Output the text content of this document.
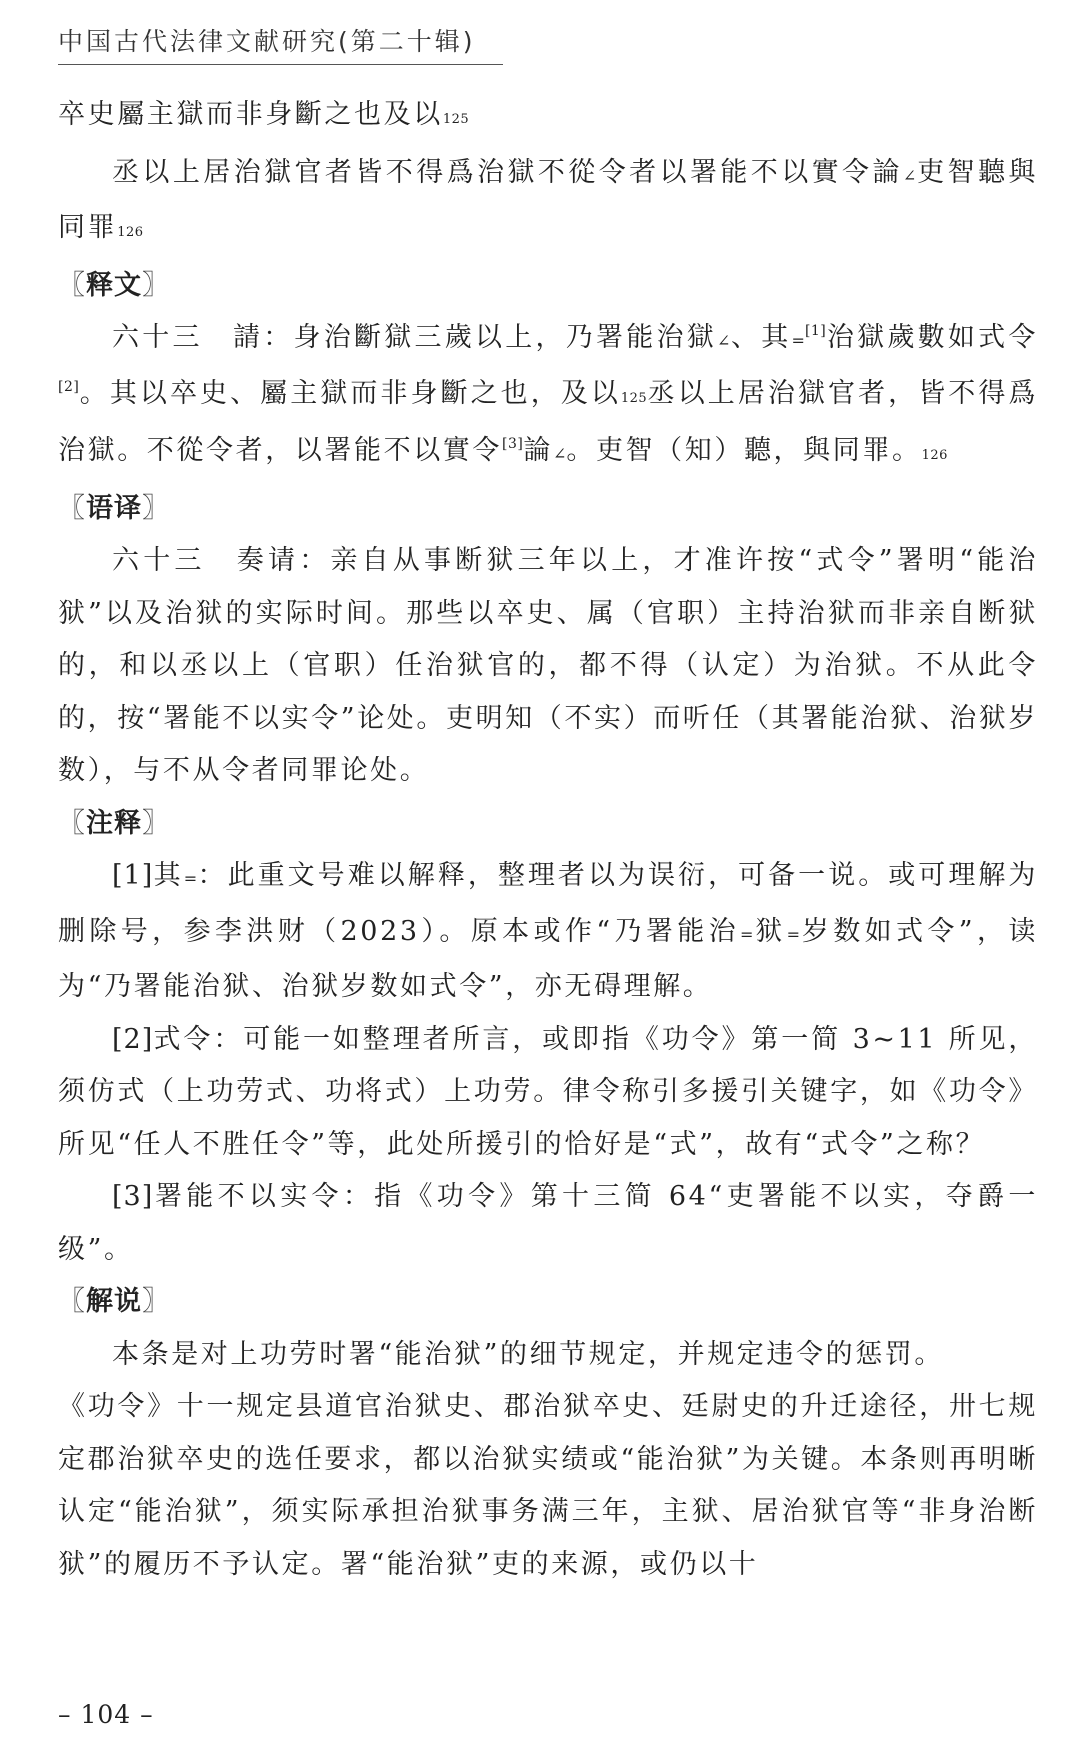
中国古代法律文献研究(第二十辑)

卒史屬主獄而非身斷之也及以125

丞以上居治獄官者皆不得爲治獄不從令者以署能不以實令論∠吏智聽與同罪126

〖释文〗

六十三　請：身治斷獄三歲以上，乃署能治獄∠、其=[1]治獄歲數如式令[2]。其以卒史、屬主獄而非身斷之也，及以125丞以上居治獄官者，皆不得爲治獄。不從令者，以署能不以實令[3]論∠。吏智（知）聽，與同罪。126

〖语译〗

六十三　奏请：亲自从事断狱三年以上，才准许按“式令”署明“能治狱”以及治狱的实际时间。那些以卒史、属（官职）主持治狱而非亲自断狱的，和以丞以上（官职）任治狱官的，都不得（认定）为治狱。不从此令的，按“署能不以实令”论处。吏明知（不实）而听任（其署能治狱、治狱岁数），与不从令者同罪论处。

〖注释〗

[1]其=：此重文号难以解释，整理者以为误衍，可备一说。或可理解为删除号，参李洪财（2023）。原本或作“乃署能治=狱=岁数如式令”，读为“乃署能治狱、治狱岁数如式令”，亦无碍理解。

[2]式令：可能一如整理者所言，或即指《功令》第一简 3~11 所见，须仿式（上功劳式、功将式）上功劳。律令称引多援引关键字，如《功令》所见“任人不胜任令”等，此处所援引的恰好是“式”，故有“式令”之称？

[3]署能不以实令：指《功令》第十三简 64“吏署能不以实，夺爵一级”。

〖解说〗

本条是对上功劳时署“能治狱”的细节规定，并规定违令的惩罚。

《功令》十一规定县道官治狱史、郡治狱卒史、廷尉史的升迁途径，卅七规定郡治狱卒史的选任要求，都以治狱实绩或“能治狱”为关键。本条则再明晰认定“能治狱”，须实际承担治狱事务满三年，主狱、居治狱官等“非身治断狱”的履历不予认定。署“能治狱”吏的来源，或仍以十

– 104 –
